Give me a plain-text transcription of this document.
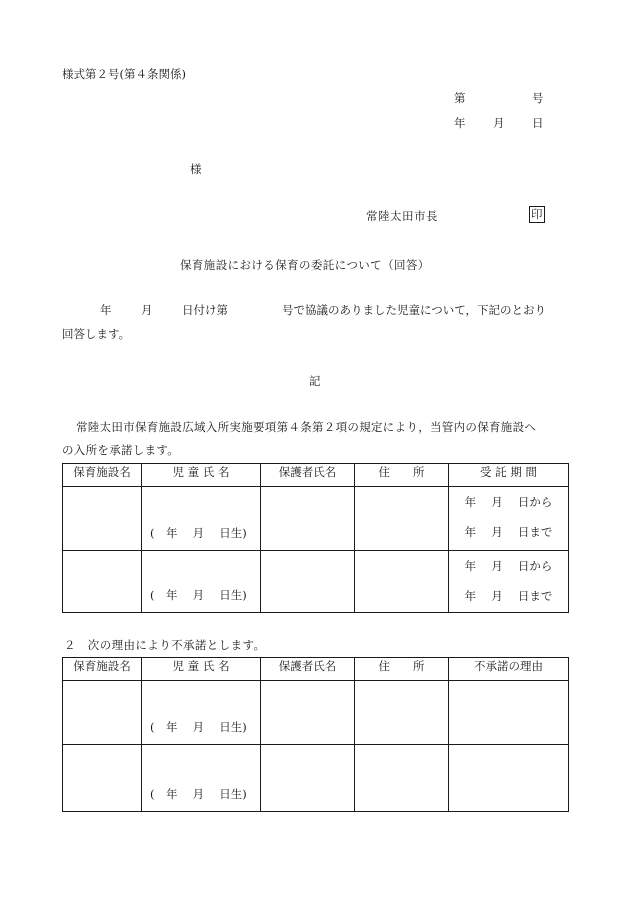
様式第２号(第４条関係)
第	号
年 月 日
様
常陸太田市長	印
保育施設における保育の委託について（回答）
年	月	日付け第	号で協議のありました児童について，下記のとおり
回答します。
記
常陸太田市保育施設広域入所実施要項第４条第２項の規定により，当管内の保育施設へ
の入所を承諾します。
保育施設名	児 童 氏 名	保護者氏名	住　　所	受 託 期 間

	(　年　 月　 日生)			年　 月　 日から
年　 月　 日まで

	(　年　 月　 日生)			年　 月　 日から
年　 月　 日まで
２　次の理由により不承諾とします。
保育施設名	児 童 氏 名	保護者氏名	住　　所	不承諾の理由

	(　年　 月　 日生)			

	(　年　 月　 日生)			
